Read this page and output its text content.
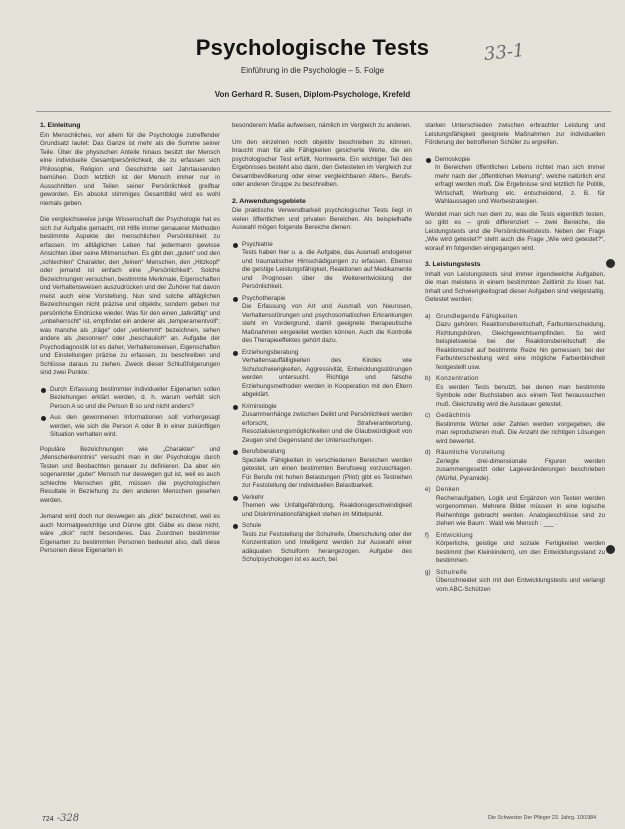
Psychologische Tests	33-1
Einführung in die Psychologie – 5. Folge
Von Gerhard R. Susen, Diplom-Psychologe, Krefeld
1. Einleitung

Ein Menschliches, vor allem für die Psychologie zutreffender Grundsatz lautet: Das Ganze ist mehr als die Summe seiner Teile. Über die physischen Anteile hinaus besitzt der Mensch eine individuelle Gesamtpersönlichkeit, die zu erfassen sich Philosophie, Religion und Geschichte seit Jahrtausenden bemühen. Doch letztlich ist der Mensch immer nur in Ausschnitten und Teilen seiner Persönlichkeit greifbar geworden. Ein absolut stimmiges Gesamtbild wird es wohl niemals geben.

Die vergleichsweise junge Wissenschaft der Psychologie hat es sich zur Aufgabe gemacht, mit Hilfe immer genauerer Methoden bestimmte Aspekte der menschlichen Persönlichkeit zu erfassen. Im alltäglichen Leben hat jedermann gewisse Ansichten über seine Mitmenschen. Es gibt den „guten“ und den „schlechten“ Charakter, den „feinen“ Menschen, den „Hitzkopf“ oder jemand ist einfach eine „Persönlichkeit“. Solche Bezeichnungen versuchen, bestimmte Merkmale, Eigenschaften und Verhaltensweisen auszudrücken und der Zuhörer hat davon meist auch eine Vorstellung. Nun sind solche alltäglichen Bezeichnungen nicht präzise und objektiv, sondern geben nur persönliche Eindrücke wieder. Was für den einen „tatkräftig“ und „unbeherrscht“ ist, empfindet ein anderer als „temperamentvoll“; was manche als „träge“ oder „verklemmt“ bezeichnen, sehen andere als „besonnen“ oder „beschaulich“ an. Aufgabe der Psychodiagnostik ist es daher, Verhaltensweisen, Eigenschaften und Einstellungen präzise zu erfassen, zu beschreiben und Schlüsse daraus zu ziehen. Zweck dieser Schlußfolgerungen sind zwei Punkte:

Durch Erfassung bestimmter individueller Eigenarten sollen Beziehungen erklärt werden, d. h. warum verhält sich Person A so und die Person B so und nicht anders?
Aus den gewonnenen Informationen soll vorhergesagt werden, wie sich die Person A oder B in einer zukünftigen Situation verhalten wird.

Populäre Bezeichnungen wie „Charakter“ und „Menschenkenntnis“ versucht man in der Psychologie durch Testen und Beobachten genauer zu definieren. Da aber ein sogenannter „guter“ Mensch nur deswegen gut ist, weil es auch schlechte Menschen gibt, müssen die psychologischen Resultate in Beziehung zu den anderen Menschen gesehen werden.

Jemand wird doch nur deswegen als „dick“ bezeichnet, weil es auch Normalgewichtige und Dünne gibt. Gäbe es diese nicht, wäre „dick“ nicht besonderes. Das Zuordnen bestimmter Eigenarten zu bestimmten Personen bedeutet also, daß diese Personen diese Eigenarten in

besonderem Maße aufweisen, nämlich im Vergleich zu anderen.

Um den einzelnen noch objektiv beschreiben zu können, braucht man für alle Fähigkeiten gesicherte Werte, die ein psychologischer Test erfüllt, Normwerte. Ein wichtiger Teil des Ergebnisses besteht also darin, den Getesteten im Vergleich zur Gesamtbevölkerung oder einer vergleichbaren Alters-, Berufs- oder anderen Gruppe zu beschreiben.

2. Anwendungsgebiete

Die praktische Verwendbarkeit psychologischer Tests liegt in vielen öffentlichen und privaten Bereichen. Als beispielhafte Auswahl mögen folgende Bereiche dienen:

Psychiatrie
Tests haben hier u. a. die Aufgabe, das Ausmaß endogener und traumatischer Hirnschädigungen zu erfassen. Ebenso die geistige Leistungsfähigkeit, Reaktionen auf Medikamente und Prognosen über die Weiterentwicklung der Persönlichkeit.
Psychotherapie
Die Erfassung von Art und Ausmaß von Neurosen, Verhaltensstörungen und psychosomatischen Erkrankungen steht im Vordergrund, damit geeignete therapeutische Maßnahmen eingeleitet werden können. Auch die Kontrolle des Therapieeffektes gehört dazu.
Erziehungsberatung
Verhaltensauffälligkeiten des Kindes wie Schulschwierigkeiten, Aggressivität, Entwicklungsstörungen werden untersucht. Richtige und falsche Erziehungsmethoden werden in Kooperation mit den Eltern abgeklärt.
Kriminologie
Zusammenhänge zwischen Delikt und Persönlichkeit werden erforscht, Strafverantwortung, Resozialisierungsmöglichkeiten und die Glaubwürdigkeit von Zeugen sind Gegenstand der Untersuchungen.
Berufsberatung
Spezielle Fähigkeiten in verschiedenen Bereichen werden getestet, um einen bestimmten Berufsweg vorzuschlagen. Für Berufe mit hohen Belastungen (Pilot) gibt es Testreihen zur Feststellung der individuellen Belastbarkeit.
Verkehr
Themen wie Unfallgefährdung, Reaktionsgeschwindigkeit und Diskriminationsfähigkeit stehen im Mittelpunkt.
Schule
Tests zur Feststellung der Schulreife, Überschulung oder der Konzentration und Intelligenz werden zur Auswahl einer adäquaten Schulform herangezogen. Aufgabe des Schulpsychologen ist es auch, bei

starken Unterschieden zwischen erbrachter Leistung und Leistungsfähigkeit geeignete Maßnahmen zur individuellen Förderung der betroffenen Schüler zu ergreifen.

Demoskopie
In Bereichen öffentlichen Lebens richtet man sich immer mehr nach der „öffentlichen Meinung“, welche natürlich erst erfragt werden muß. Die Ergebnisse sind letztlich für Politik, Wirtschaft, Werbung etc. entscheidend, z. B. für Wahlaussagen und Werbestrategien.

Wendet man sich nun dem zu, was die Tests eigentlich testen, so gibt es – grob differenziert – zwei Bereiche, die Leistungstests und die Persönlichkeitstests. Neben der Frage „Wie wird getestet?“ steht auch die Frage „Wie wird getestet?“, worauf im folgenden eingegangen wird.

3. Leistungstests

Inhalt von Leistungstests sind immer irgendwelche Aufgaben, die man meistens in einem bestimmten Zeitlimit zu lösen hat. Inhalt und Schwierigkeitsgrad dieser Aufgaben sind vielgestaltig. Getestet werden:

a) Grundlegende Fähigkeiten
Dazu gehören: Reaktionsbereitschaft, Farbunterscheidung, Richtungshören, Gleichgewichtsempfinden. So wird beispielsweise bei der Reaktionsbereitschaft die Reaktionszeit auf bestimmte Reize hin gemessen; bei der Farbunterscheidung wird eine mögliche Farbenblindheit festgestellt usw.
b) Konzentration
Es werden Tests benutzt, bei denen man bestimmte Symbole oder Buchstaben aus einem Text heraussuchen muß. Gleichzeitig wird die Ausdauer getestet.
c) Gedächtnis
Bestimmte Wörter oder Zahlen werden vorgegeben, die man reproduzieren muß. Die Anzahl der richtigen Lösungen wird bewertet.
d) Räumliche Vorstellung
Zerlegte drei-dimensionale Figuren werden zusammengesetzt oder Lageveränderungen beschrieben (Würfel, Pyramide).
e) Denken
Rechenaufgaben, Logik und Ergänzen von Texten werden vorgenommen. Mehrere Bilder müssen in eine logische Reihenfolge gebracht werden. Analogieschlüsse sind zu ziehen wie Baum : Wald wie Mensch : ___ .
f) Entwicklung
Körperliche, geistige und soziale Fertigkeiten werden bestimmt (bei Kleinkindern), um den Entwicklungsstand zu bestimmen.
g) Schulreife
Überschneidet sich mit den Entwicklungstests und verlangt vom ABC-Schützen
724 -328	Die Schwester Der Pfleger 23. Jahrg. 10/1984
